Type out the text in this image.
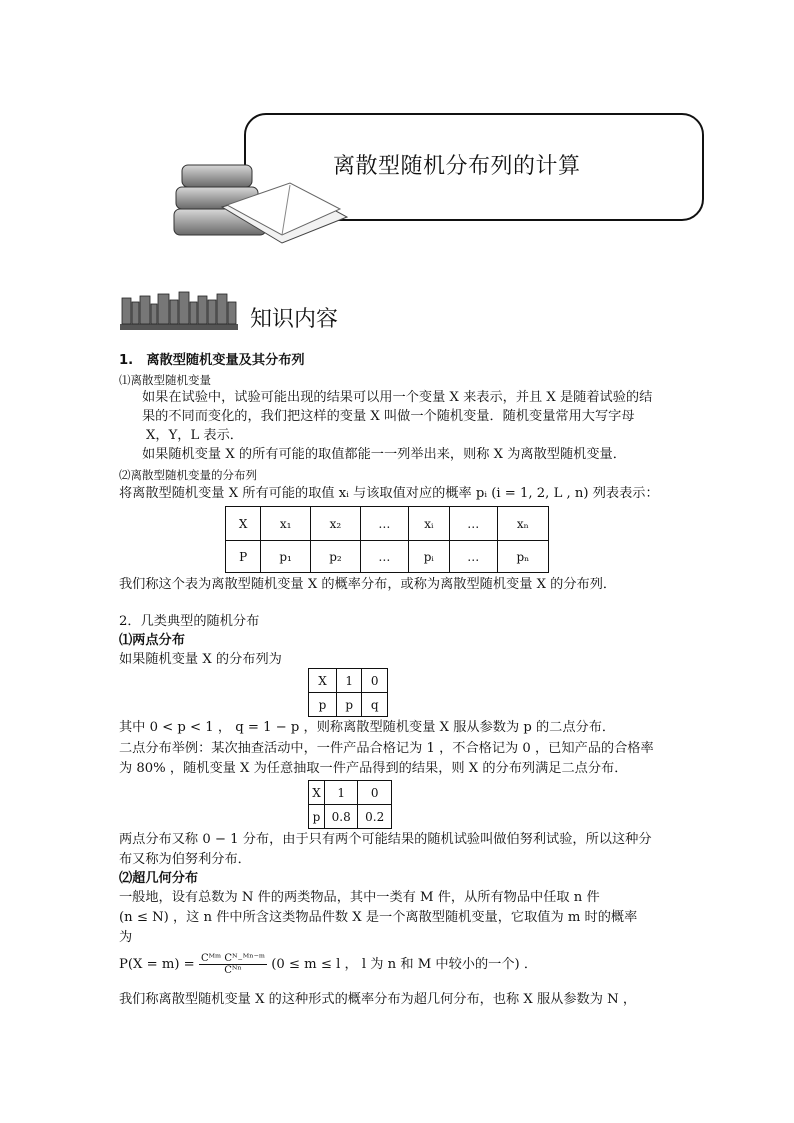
离散型随机分布列的计算
知识内容
1.　离散型随机变量及其分布列
⑴离散型随机变量
如果在试验中，试验可能出现的结果可以用一个变量 X 来表示，并且 X 是随着试验的结
果的不同而变化的，我们把这样的变量 X 叫做一个随机变量．随机变量常用大写字母
X，Y，L 表示．
如果随机变量 X 的所有可能的取值都能一一列举出来，则称 X 为离散型随机变量．
⑵离散型随机变量的分布列
将离散型随机变量 X 所有可能的取值 xᵢ 与该取值对应的概率 pᵢ (i = 1, 2, L , n) 列表表示：
X	x₁	x₂	…	xᵢ	…	xₙ
P	p₁	p₂	…	pᵢ	…	pₙ
我们称这个表为离散型随机变量 X 的概率分布，或称为离散型随机变量 X 的分布列．
2．几类典型的随机分布
⑴两点分布
如果随机变量 X 的分布列为
X	1	0
p	p	q
其中 0 < p < 1 ， q = 1 − p ，则称离散型随机变量 X 服从参数为 p 的二点分布．
二点分布举例：某次抽查活动中，一件产品合格记为 1 ，不合格记为 0 ，已知产品的合格率
为 80% ，随机变量 X 为任意抽取一件产品得到的结果，则 X 的分布列满足二点分布．
X	1	0
p	0.8	0.2
两点分布又称 0 − 1 分布，由于只有两个可能结果的随机试验叫做伯努利试验，所以这种分
布又称为伯努利分布．
⑵超几何分布
一般地，设有总数为 N 件的两类物品，其中一类有 M 件，从所有物品中任取 n 件
(n ≤ N) ，这 n 件中所含这类物品件数 X 是一个离散型随机变量，它取值为 m 时的概率
为
$P(X = m) = \frac{\text{Cᴹᵐ Cᴺ₋ᴹⁿ⁻ᵐ}}{\text{Cᴺⁿ}} (0 \le m \le l$ ， l 为 n 和 M 中较小的一个) ．
我们称离散型随机变量 X 的这种形式的概率分布为超几何分布，也称 X 服从参数为 N ，
